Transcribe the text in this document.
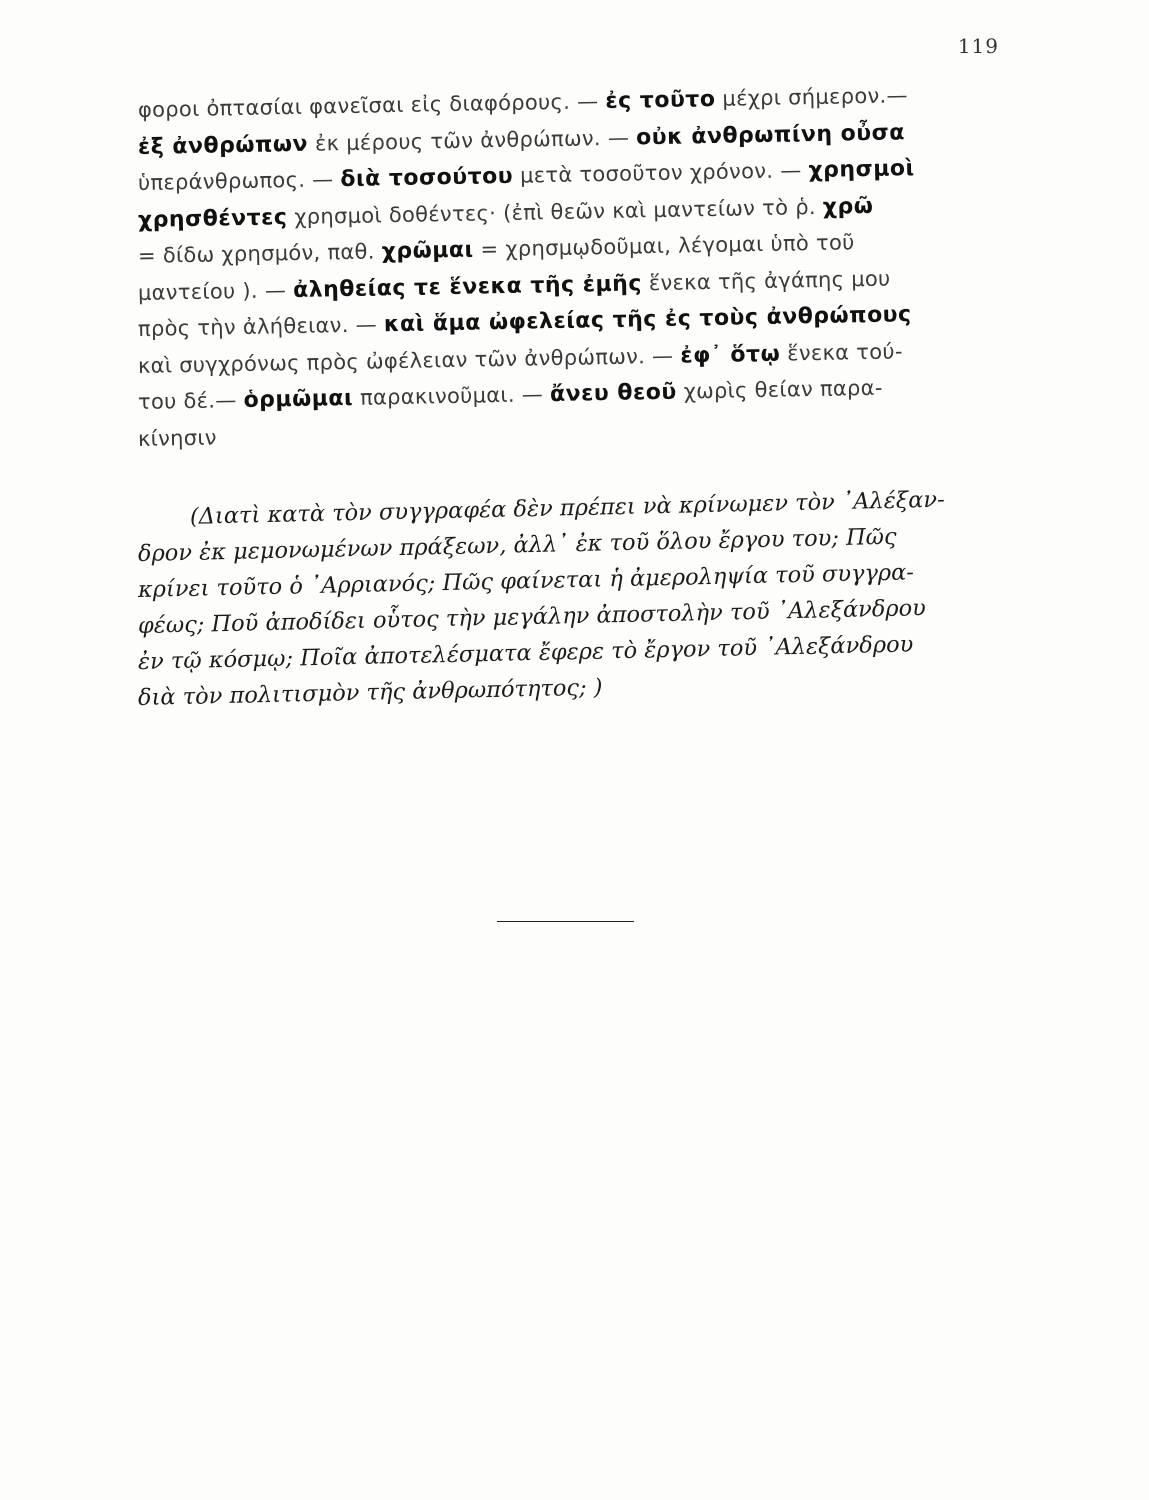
119
φοροι ὀπτασίαι φανεῖσαι εἰς διαφόρους. — ἐς τοῦτο μέχρι σήμερον.—
ἐξ ἀνθρώπων ἐκ μέρους τῶν ἀνθρώπων. — οὐκ ἀνθρωπίνη οὖσα
ὑπεράνθρωπος. — διὰ τοσούτου μετὰ τοσοῦτον χρόνον. — χρησμοὶ
χρησθέντες χρησμοὶ δοθέντες· (ἐπὶ θεῶν καὶ μαντείων τὸ ῥ. χρῶ
= δίδω χρησμόν, παθ. χρῶμαι = χρησμῳδοῦμαι, λέγομαι ὑπὸ τοῦ
μαντείου ). — ἀληθείας τε ἕνεκα τῆς ἐμῆς ἕνεκα τῆς ἀγάπης μου
πρὸς τὴν ἀλήθειαν. — καὶ ἅμα ὠφελείας τῆς ἐς τοὺς ἀνθρώπους
καὶ συγχρόνως πρὸς ὠφέλειαν τῶν ἀνθρώπων. — ἐφ᾽ ὅτῳ ἕνεκα τού-
του δέ.— ὁρμῶμαι παρακινοῦμαι. — ἄνευ θεοῦ χωρὶς θείαν παρα-
κίνησιν
(Διατὶ κατὰ τὸν συγγραφέα δὲν πρέπει νὰ κρίνωμεν τὸν ᾿Αλέξαν-
δρον ἐκ μεμονωμένων πράξεων, ἀλλ᾽ ἐκ τοῦ ὅλου ἔργου του; Πῶς
κρίνει τοῦτο ὁ ᾿Αρριανός; Πῶς φαίνεται ἡ ἀμεροληψία τοῦ συγγρα-
φέως; Ποῦ ἀποδίδει οὗτος τὴν μεγάλην ἀποστολὴν τοῦ ᾿Αλεξάνδρου
ἐν τῷ κόσμῳ; Ποῖα ἀποτελέσματα ἔφερε τὸ ἔργον τοῦ ᾿Αλεξάνδρου
διὰ τὸν πολιτισμὸν τῆς ἀνθρωπότητος; )
